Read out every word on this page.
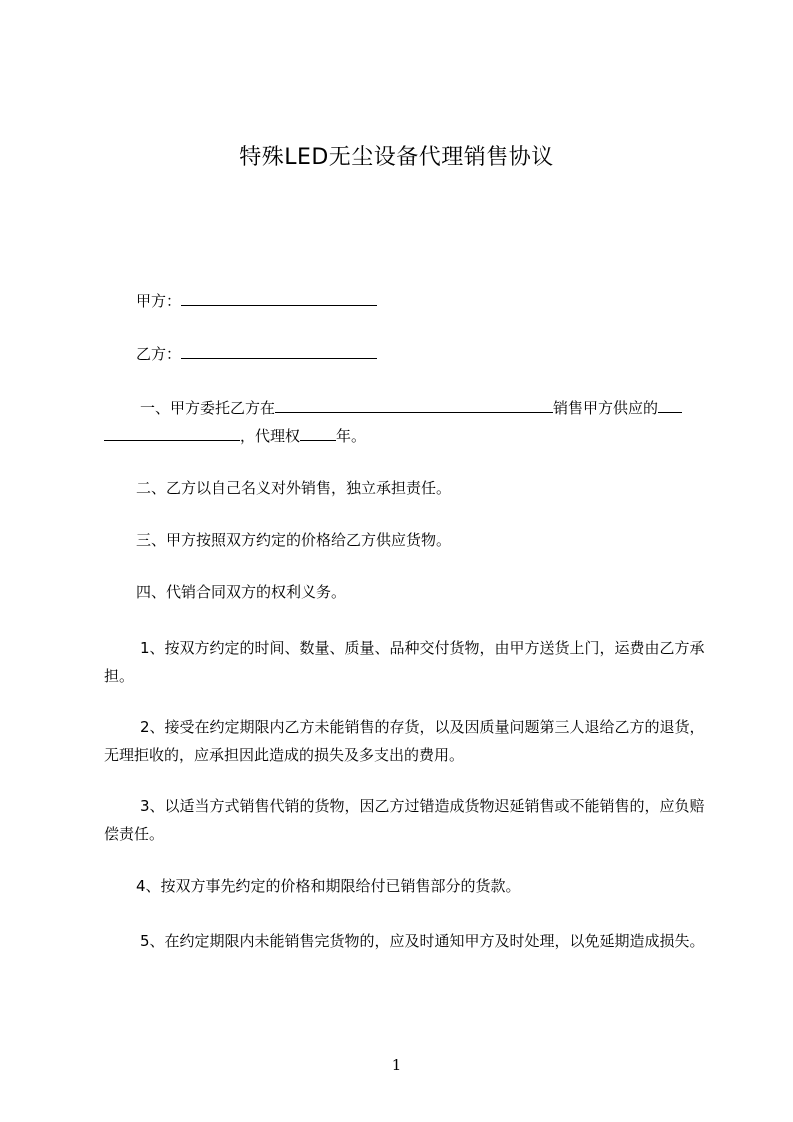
特殊LED无尘设备代理销售协议
甲方：
乙方：
一、甲方委托乙方在	销售甲方供应的，代理权 年。
二、乙方以自己名义对外销售，独立承担责任。
三、甲方按照双方约定的价格给乙方供应货物。
四、代销合同双方的权利义务。
1、按双方约定的时间、数量、质量、品种交付货物，由甲方送货上门，运费由乙方承担。
2、接受在约定期限内乙方未能销售的存货，以及因质量问题第三人退给乙方的退货，无理拒收的，应承担因此造成的损失及多支出的费用。
3、以适当方式销售代销的货物，因乙方过错造成货物迟延销售或不能销售的，应负赔偿责任。
4、按双方事先约定的价格和期限给付已销售部分的货款。
5、在约定期限内未能销售完货物的，应及时通知甲方及时处理，以免延期造成损失。
1
